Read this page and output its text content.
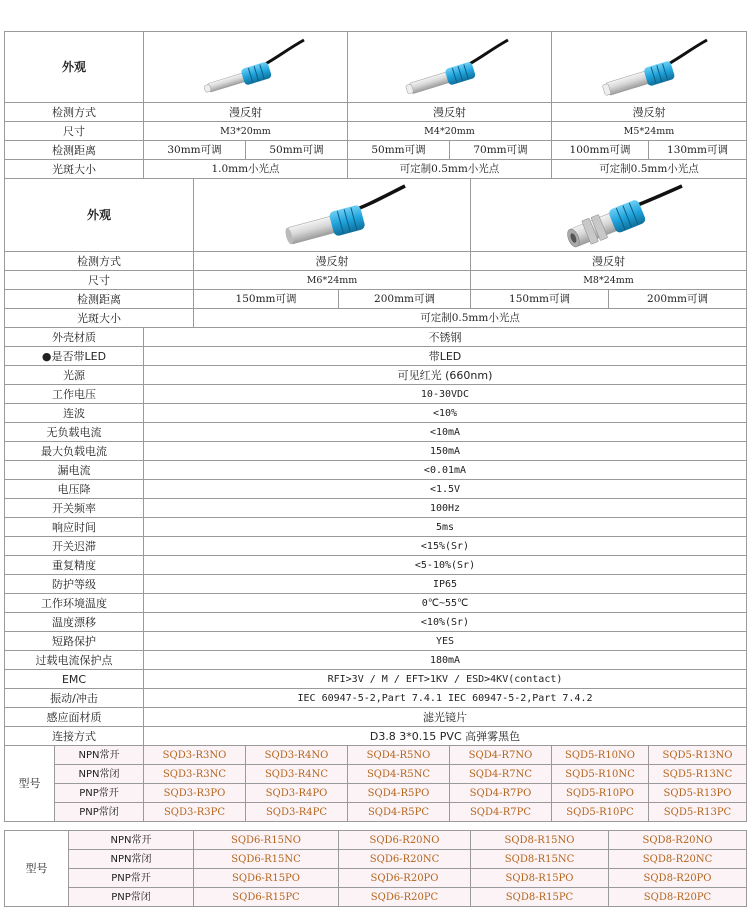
外观	

检测方式	漫反射		漫反射		漫反射	
尺寸	M3*20mm		M4*20mm		M5*24mm	
检测距离	30mm可调	50mm可调	50mm可调	70mm可调	100mm可调	130mm可调
光斑大小	1.0mm小光点		可定制0.5mm小光点		可定制0.5mm小光点	
外观	

检测方式	漫反射		漫反射	
尺寸	M6*24mm		M8*24mm	
检测距离	150mm可调	200mm可调	150mm可调	200mm可调
光斑大小	可定制0.5mm小光点			
外壳材质	不锈钢
●是否带LED	带LED
光源	可见红光 (660nm)
工作电压	10-30VDC
连波	<10%
无负载电流	<10mA
最大负载电流	150mA
漏电流	<0.01mA
电压降	<1.5V
开关频率	100Hz
响应时间	5ms
开关迟滞	<15%(Sr)
重复精度	<5-10%(Sr)
防护等级	IP65
工作环境温度	0℃~55℃
温度漂移	<10%(Sr)
短路保护	YES
过载电流保护点	180mA
EMC	RFI>3V / M / EFT>1KV / ESD>4KV(contact)
振动/冲击	IEC 60947-5-2,Part 7.4.1 IEC 60947-5-2,Part 7.4.2
感应面材质	滤光镜片
连接方式	D3.8 3*0.15 PVC 高弹雾黑色
型号	NPN常开	SQD3-R3NO	SQD3-R4NO	SQD4-R5NO	SQD4-R7NO	SQD5-R10NO	SQD5-R13NO
	NPN常闭	SQD3-R3NC	SQD3-R4NC	SQD4-R5NC	SQD4-R7NC	SQD5-R10NC	SQD5-R13NC
	PNP常开	SQD3-R3PO	SQD3-R4PO	SQD4-R5PO	SQD4-R7PO	SQD5-R10PO	SQD5-R13PO
	PNP常闭	SQD3-R3PC	SQD3-R4PC	SQD4-R5PC	SQD4-R7PC	SQD5-R10PC	SQD5-R13PC
型号	NPN常开	SQD6-R15NO	SQD6-R20NO	SQD8-R15NO	SQD8-R20NO
	NPN常闭	SQD6-R15NC	SQD6-R20NC	SQD8-R15NC	SQD8-R20NC
	PNP常开	SQD6-R15PO	SQD6-R20PO	SQD8-R15PO	SQD8-R20PO
	PNP常闭	SQD6-R15PC	SQD6-R20PC	SQD8-R15PC	SQD8-R20PC
